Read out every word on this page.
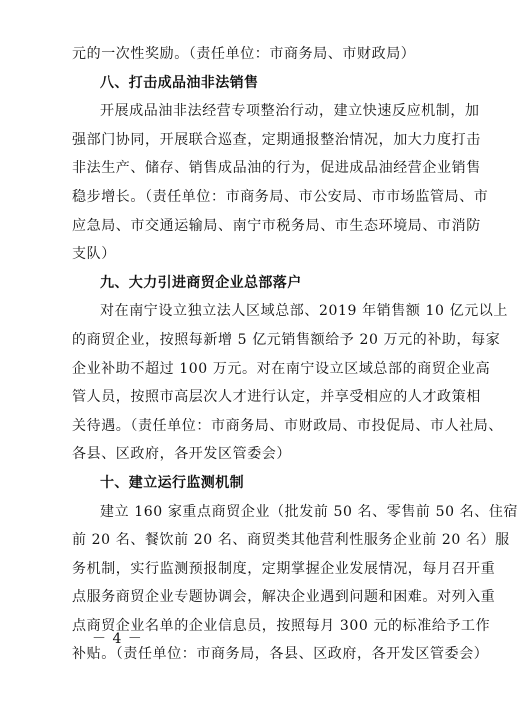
元的一次性奖励。（责任单位：市商务局、市财政局）
八、打击成品油非法销售
开展成品油非法经营专项整治行动，建立快速反应机制，加
强部门协同，开展联合巡查，定期通报整治情况，加大力度打击
非法生产、储存、销售成品油的行为，促进成品油经营企业销售
稳步增长。（责任单位：市商务局、市公安局、市市场监管局、市
应急局、市交通运输局、南宁市税务局、市生态环境局、市消防
支队）
九、大力引进商贸企业总部落户
对在南宁设立独立法人区域总部、2019 年销售额 10 亿元以上
的商贸企业，按照每新增 5 亿元销售额给予 20 万元的补助，每家
企业补助不超过 100 万元。对在南宁设立区域总部的商贸企业高
管人员，按照市高层次人才进行认定，并享受相应的人才政策相
关待遇。（责任单位：市商务局、市财政局、市投促局、市人社局、
各县、区政府，各开发区管委会）
十、建立运行监测机制
建立 160 家重点商贸企业（批发前 50 名、零售前 50 名、住宿
前 20 名、餐饮前 20 名、商贸类其他营利性服务企业前 20 名）服
务机制，实行监测预报制度，定期掌握企业发展情况，每月召开重
点服务商贸企业专题协调会，解决企业遇到问题和困难。对列入重
点商贸企业名单的企业信息员，按照每月 300 元的标准给予工作
补贴。（责任单位：市商务局，各县、区政府，各开发区管委会）
－ 4 －
